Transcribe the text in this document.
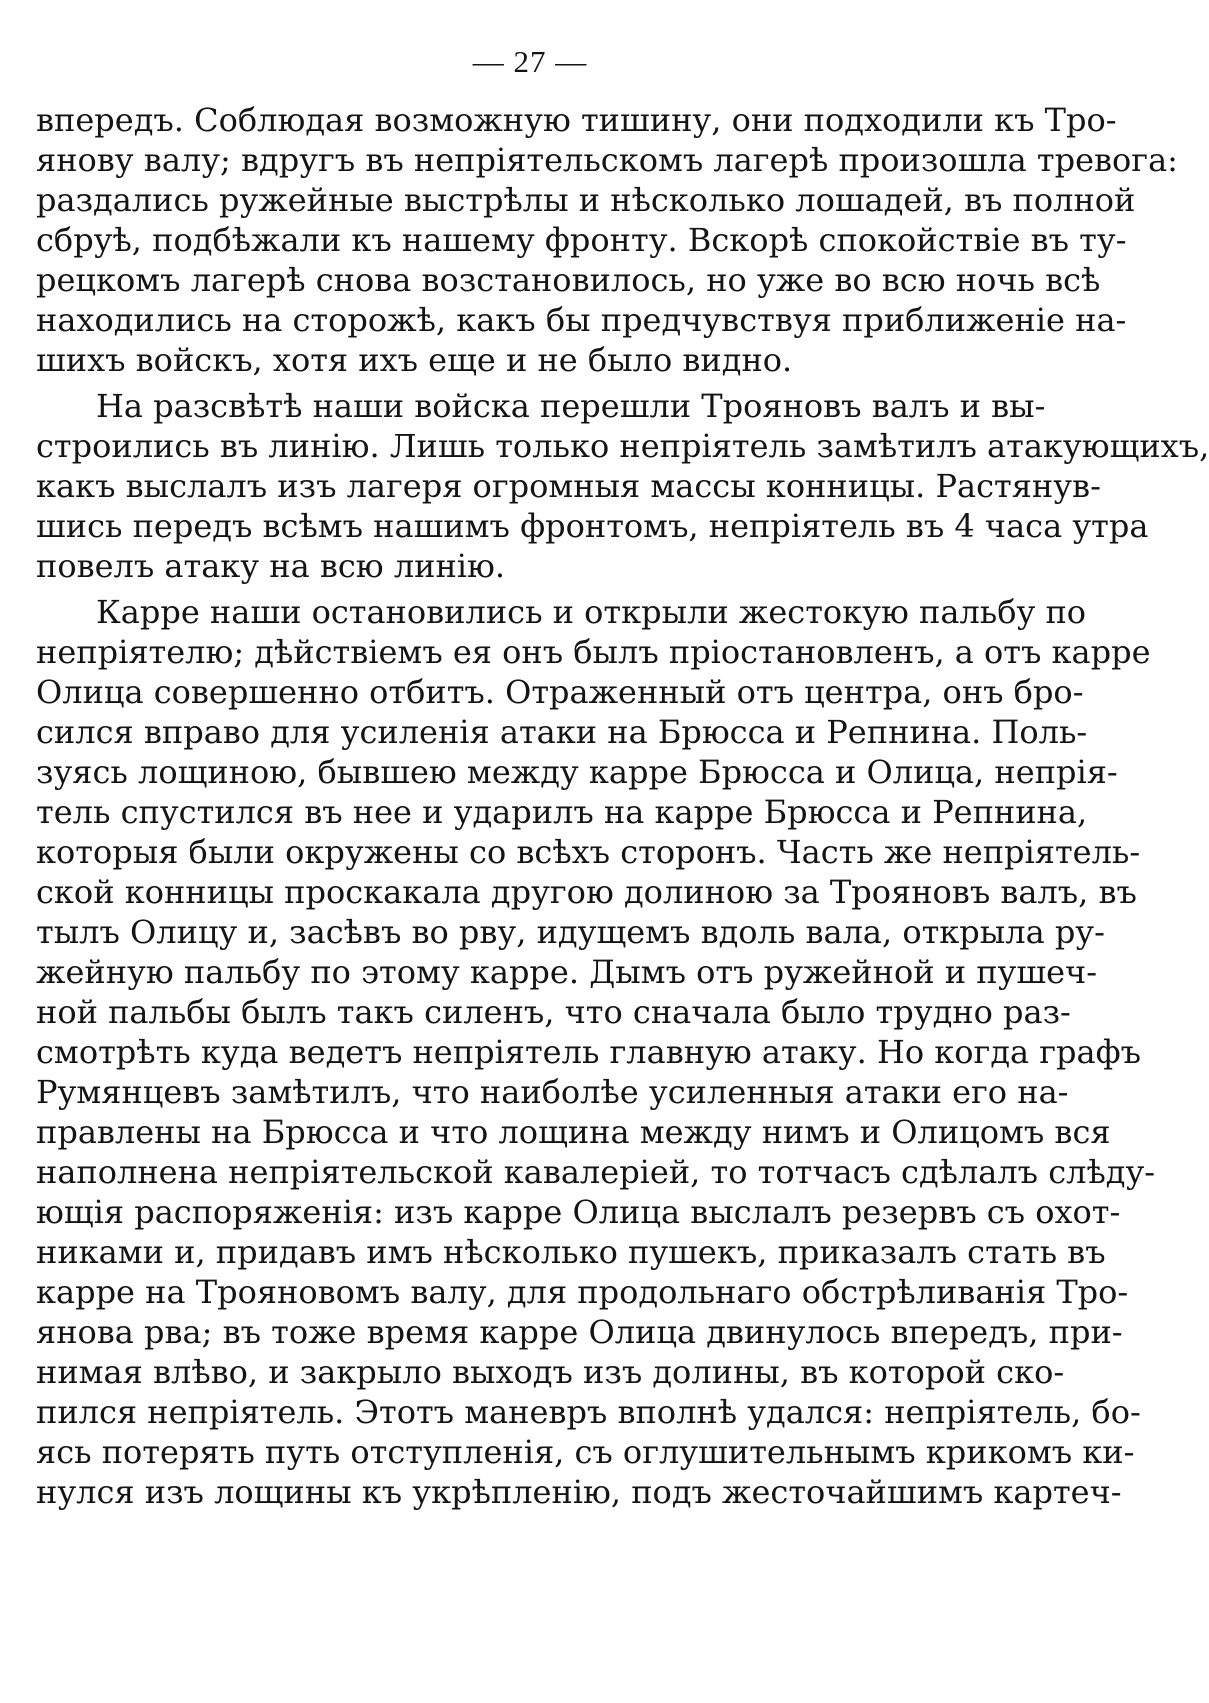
— 27 —
впередъ. Соблюдая возможную тишину, они подходили къ Тро-
янову валу; вдругъ въ непріятельскомъ лагерѣ произошла тревога:
раздались ружейные выстрѣлы и нѣсколько лошадей, въ полной
сбруѣ, подбѣжали къ нашему фронту. Вскорѣ спокойствіе въ ту-
рецкомъ лагерѣ снова возстановилось, но уже во всю ночь всѣ
находились на сторожѣ, какъ бы предчувствуя приближеніе на-
шихъ войскъ, хотя ихъ еще и не было видно.
На разсвѣтѣ наши войска перешли Трояновъ валъ и вы-
строились въ линію. Лишь только непріятель замѣтилъ атакующихъ,
какъ выслалъ изъ лагеря огромныя массы конницы. Растянув-
шись передъ всѣмъ нашимъ фронтомъ, непріятель въ 4 часа утра
повелъ атаку на всю линію.
Карре наши остановились и открыли жестокую пальбу по
непріятелю; дѣйствіемъ ея онъ былъ пріостановленъ, а отъ карре
Олица совершенно отбитъ. Отраженный отъ центра, онъ бро-
сился вправо для усиленія атаки на Брюсса и Репнина. Поль-
зуясь лощиною, бывшею между карре Брюсса и Олица, непрія-
тель спустился въ нее и ударилъ на карре Брюсса и Репнина,
которыя были окружены со всѣхъ сторонъ. Часть же непріятель-
ской конницы проскакала другою долиною за Трояновъ валъ, въ
тылъ Олицу и, засѣвъ во рву, идущемъ вдоль вала, открыла ру-
жейную пальбу по этому карре. Дымъ отъ ружейной и пушеч-
ной пальбы былъ такъ силенъ, что сначала было трудно раз-
смотрѣть куда ведетъ непріятель главную атаку. Но когда графъ
Румянцевъ замѣтилъ, что наиболѣе усиленныя атаки его на-
правлены на Брюсса и что лощина между нимъ и Олицомъ вся
наполнена непріятельской кавалеріей, то тотчасъ сдѣлалъ слѣду-
ющія распоряженія: изъ карре Олица выслалъ резервъ съ охот-
никами и, придавъ имъ нѣсколько пушекъ, приказалъ стать въ
карре на Трояновомъ валу, для продольнаго обстрѣливанія Тро-
янова рва; въ тоже время карре Олица двинулось впередъ, при-
нимая влѣво, и закрыло выходъ изъ долины, въ которой ско-
пился непріятель. Этотъ маневръ вполнѣ удался: непріятель, бо-
ясь потерять путь отступленія, съ оглушительнымъ крикомъ ки-
нулся изъ лощины къ укрѣпленію, подъ жесточайшимъ картеч-
